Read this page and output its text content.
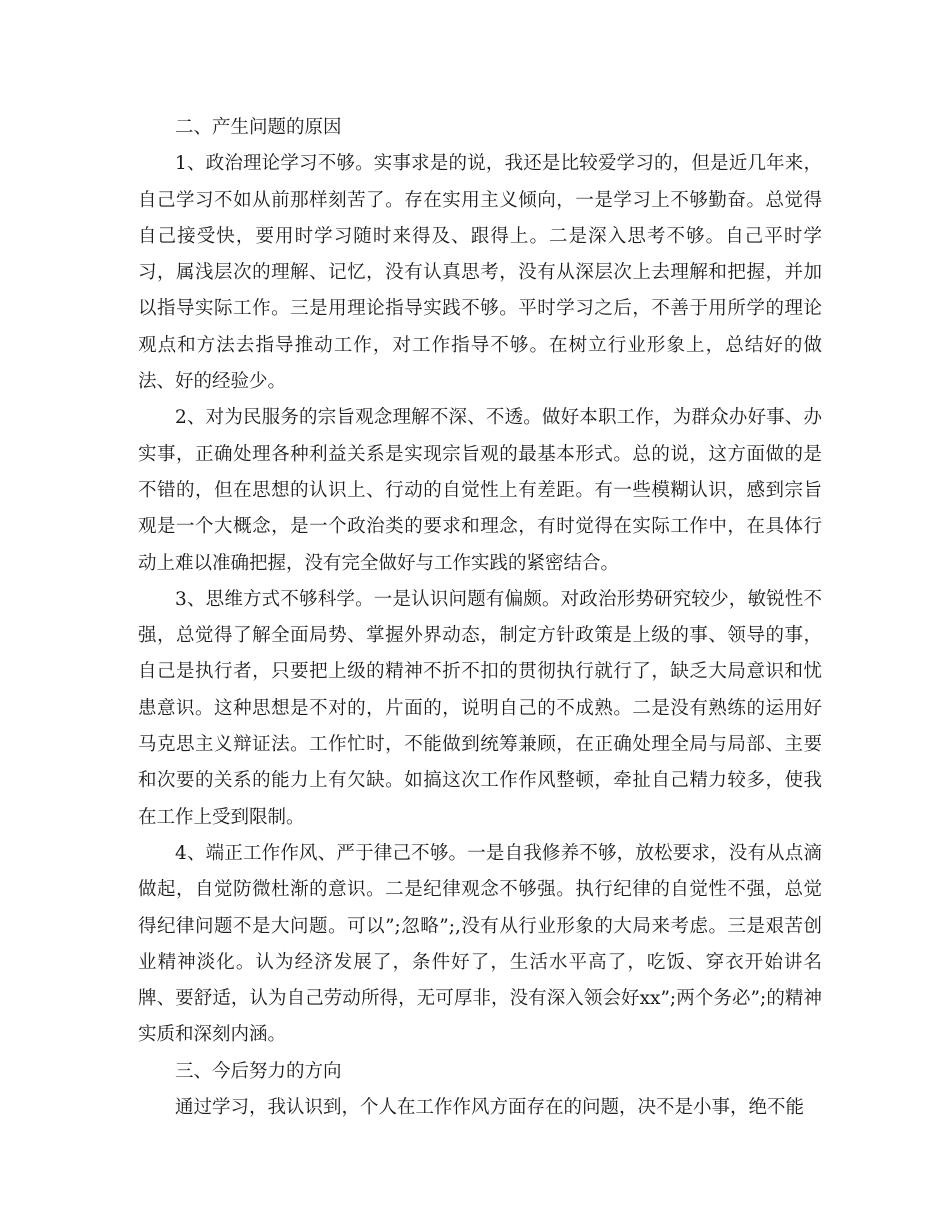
二、产生问题的原因

1、政治理论学习不够。实事求是的说，我还是比较爱学习的，但是近几年来，自己学习不如从前那样刻苦了。存在实用主义倾向，一是学习上不够勤奋。总觉得自己接受快，要用时学习随时来得及、跟得上。二是深入思考不够。自己平时学习，属浅层次的理解、记忆，没有认真思考，没有从深层次上去理解和把握，并加以指导实际工作。三是用理论指导实践不够。平时学习之后，不善于用所学的理论观点和方法去指导推动工作，对工作指导不够。在树立行业形象上，总结好的做法、好的经验少。

2、对为民服务的宗旨观念理解不深、不透。做好本职工作，为群众办好事、办实事，正确处理各种利益关系是实现宗旨观的最基本形式。总的说，这方面做的是不错的，但在思想的认识上、行动的自觉性上有差距。有一些模糊认识，感到宗旨观是一个大概念，是一个政治类的要求和理念，有时觉得在实际工作中，在具体行动上难以准确把握，没有完全做好与工作实践的紧密结合。

3、思维方式不够科学。一是认识问题有偏颇。对政治形势研究较少，敏锐性不强，总觉得了解全面局势、掌握外界动态，制定方针政策是上级的事、领导的事，自己是执行者，只要把上级的精神不折不扣的贯彻执行就行了，缺乏大局意识和忧患意识。这种思想是不对的，片面的，说明自己的不成熟。二是没有熟练的运用好马克思主义辩证法。工作忙时，不能做到统筹兼顾，在正确处理全局与局部、主要和次要的关系的能力上有欠缺。如搞这次工作作风整顿，牵扯自己精力较多，使我在工作上受到限制。

4、端正工作作风、严于律己不够。一是自我修养不够，放松要求，没有从点滴做起，自觉防微杜渐的意识。二是纪律观念不够强。执行纪律的自觉性不强，总觉得纪律问题不是大问题。可以”;忽略”;,没有从行业形象的大局来考虑。三是艰苦创业精神淡化。认为经济发展了，条件好了，生活水平高了，吃饭、穿衣开始讲名牌、要舒适，认为自己劳动所得，无可厚非，没有深入领会好xx”;两个务必”;的精神实质和深刻内涵。

三、今后努力的方向

通过学习，我认识到，个人在工作作风方面存在的问题，决不是小事，绝不能
